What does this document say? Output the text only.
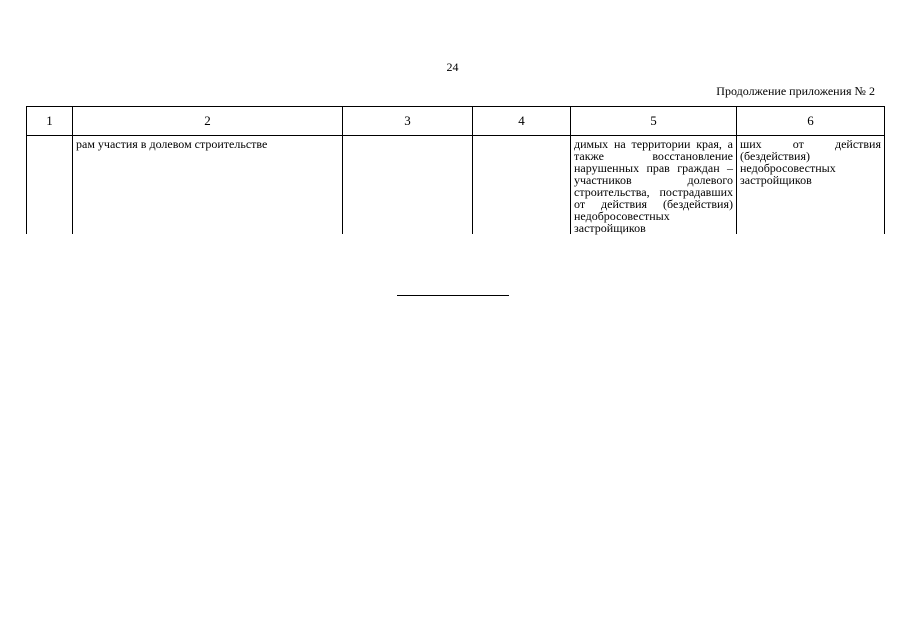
24
Продолжение приложения № 2
1	2	3	4	5	6
	рам участия в долевом строительстве			димых на территории края, а также восстановление нарушенных прав граждан – участников долевого строительства, пострадавших от действия (бездействия) недобросовестных застройщиков	ших от действия (бездействия) недобросовестных застройщиков
